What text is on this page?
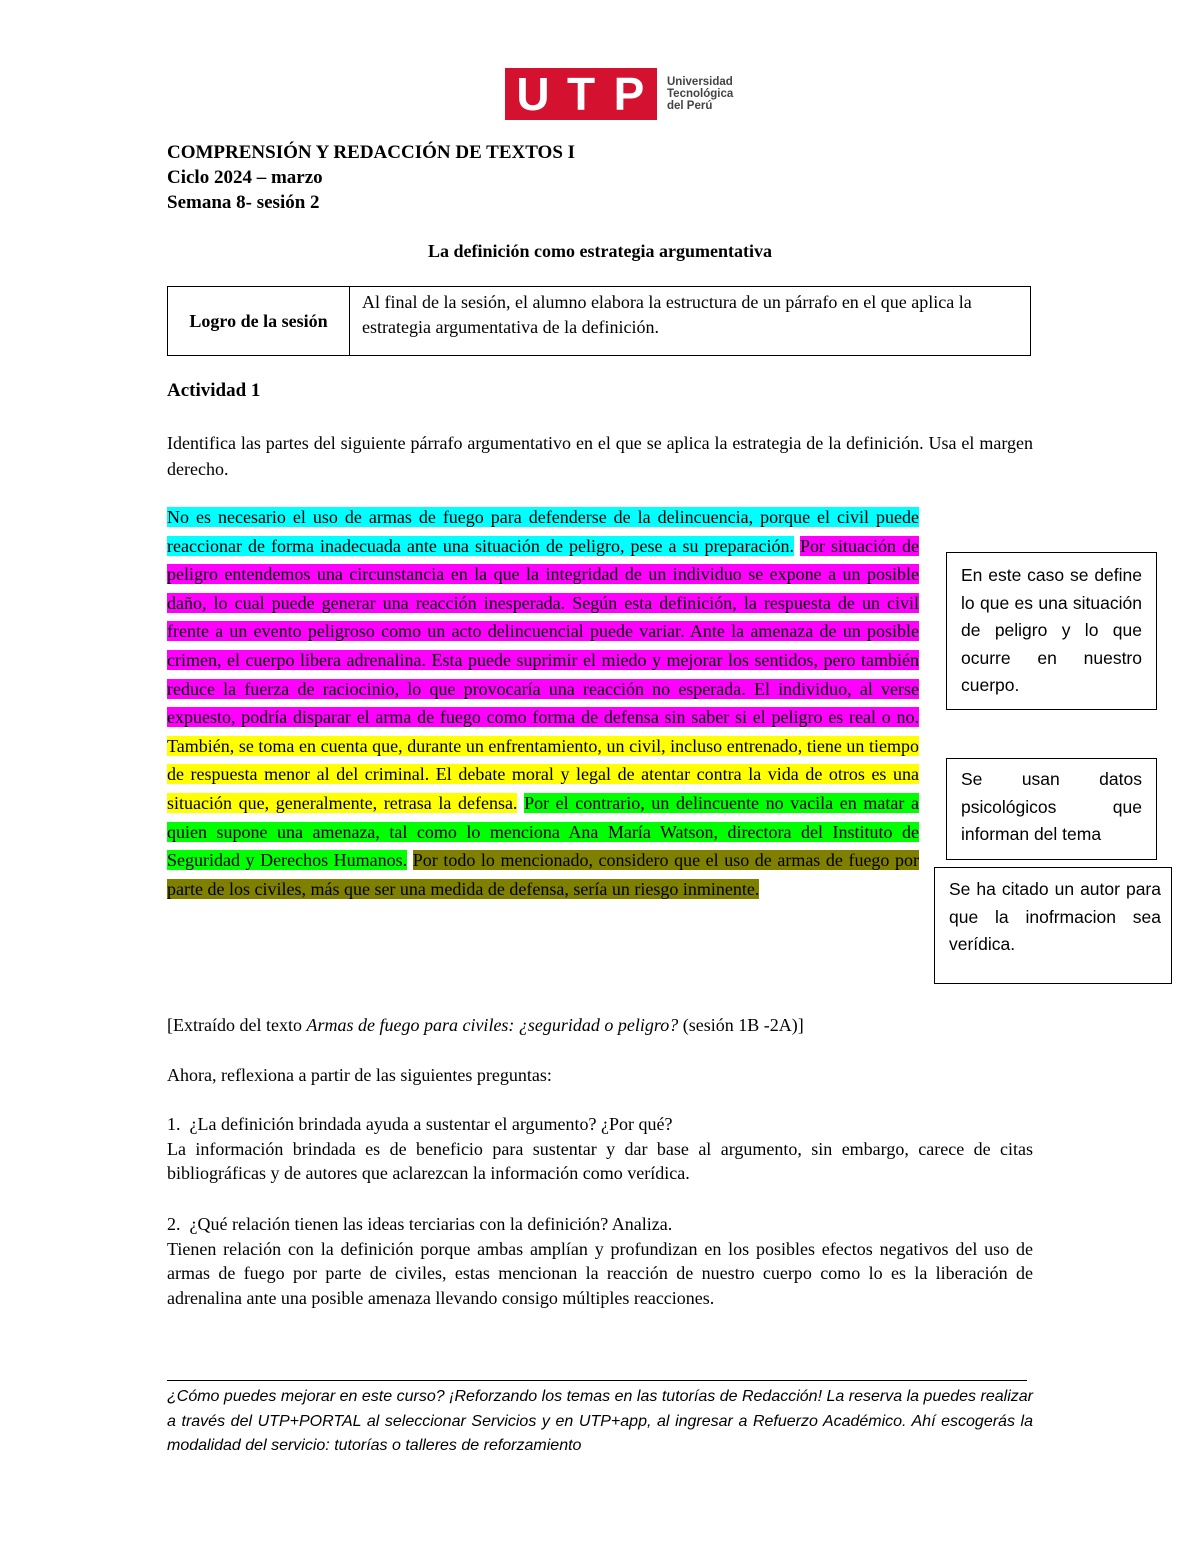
U T P	Universidad
Tecnológica
del Perú
COMPRENSIÓN Y REDACCIÓN DE TEXTOS I
Ciclo 2024 – marzo
Semana 8- sesión 2
La definición como estrategia argumentativa
Logro de la sesión
Al final de la sesión, el alumno elabora la estructura de un párrafo en el que aplica la estrategia argumentativa de la definición.
Actividad 1
Identifica las partes del siguiente párrafo argumentativo en el que se aplica la estrategia de la definición. Usa el margen derecho.
No es necesario el uso de armas de fuego para defenderse de la delincuencia, porque el civil puede reaccionar de forma inadecuada ante una situación de peligro, pese a su preparación. Por situación de peligro entendemos una circunstancia en la que la integridad de un individuo se expone a un posible daño, lo cual puede generar una reacción inesperada. Según esta definición, la respuesta de un civil frente a un evento peligroso como un acto delincuencial puede variar. Ante la amenaza de un posible crimen, el cuerpo libera adrenalina. Esta puede suprimir el miedo y mejorar los sentidos, pero también reduce la fuerza de raciocinio, lo que provocaría una reacción no esperada. El individuo, al verse expuesto, podría disparar el arma de fuego como forma de defensa sin saber si el peligro es real o no. También, se toma en cuenta que, durante un enfrentamiento, un civil, incluso entrenado, tiene un tiempo de respuesta menor al del criminal. El debate moral y legal de atentar contra la vida de otros es una situación que, generalmente, retrasa la defensa. Por el contrario, un delincuente no vacila en matar a quien supone una amenaza, tal como lo menciona Ana María Watson, directora del Instituto de Seguridad y Derechos Humanos. Por todo lo mencionado, considero que el uso de armas de fuego por parte de los civiles, más que ser una medida de defensa, sería un riesgo inminente.
En este caso se define lo que es una situación de peligro y lo que ocurre en nuestro cuerpo.
Se usan datos psicológicos que informan del tema
Se ha citado un autor para que la inofrmacion sea verídica.
[Extraído del texto Armas de fuego para civiles: ¿seguridad o peligro? (sesión 1B -2A)]
Ahora, reflexiona a partir de las siguientes preguntas:
1. ¿La definición brindada ayuda a sustentar el argumento? ¿Por qué?
La información brindada es de beneficio para sustentar y dar base al argumento, sin embargo, carece de citas bibliográficas y de autores que aclarezcan la información como verídica.
2. ¿Qué relación tienen las ideas terciarias con la definición? Analiza.
Tienen relación con la definición porque ambas amplían y profundizan en los posibles efectos negativos del uso de armas de fuego por parte de civiles, estas mencionan la reacción de nuestro cuerpo como lo es la liberación de adrenalina ante una posible amenaza llevando consigo múltiples reacciones.
¿Cómo puedes mejorar en este curso? ¡Reforzando los temas en las tutorías de Redacción! La reserva la puedes realizar a través del UTP+PORTAL al seleccionar Servicios y en UTP+app, al ingresar a Refuerzo Académico. Ahí escogerás la modalidad del servicio: tutorías o talleres de reforzamiento
